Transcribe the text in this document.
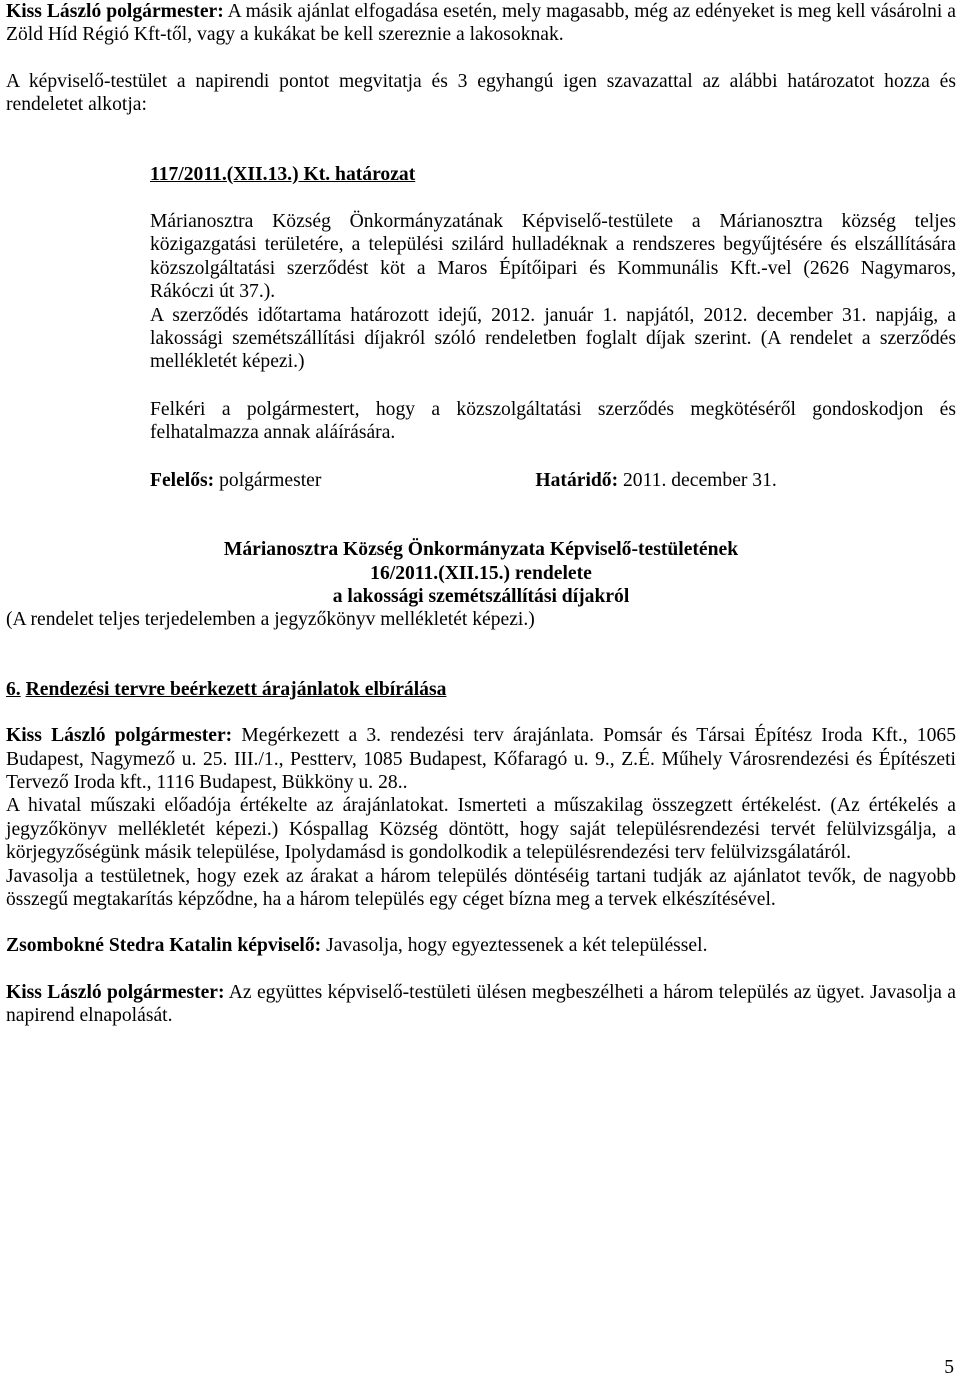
Kiss László polgármester: A másik ajánlat elfogadása esetén, mely magasabb, még az edényeket is meg kell vásárolni a Zöld Híd Régió Kft-től, vagy a kukákat be kell szereznie a lakosoknak.

A képviselő-testület a napirendi pontot megvitatja és 3 egyhangú igen szavazattal az alábbi határozatot hozza és rendeletet alkotja:

117/2011.(XII.13.) Kt. határozat

Márianosztra Község Önkormányzatának Képviselő-testülete a Márianosztra község teljes közigazgatási területére, a települési szilárd hulladéknak a rendszeres begyűjtésére és elszállítására közszolgáltatási szerződést köt a Maros Építőipari és Kommunális Kft.-vel (2626 Nagymaros, Rákóczi út 37.).

A szerződés időtartama határozott idejű, 2012. január 1. napjától, 2012. december 31. napjáig, a lakossági szemétszállítási díjakról szóló rendeletben foglalt díjak szerint. (A rendelet a szerződés mellékletét képezi.)

Felkéri a polgármestert, hogy a közszolgáltatási szerződés megkötéséről gondoskodjon és felhatalmazza annak aláírására.

Felelős: polgármester	Határidő: 2011. december 31.

Márianosztra Község Önkormányzata Képviselő-testületének

16/2011.(XII.15.) rendelete

a lakossági szemétszállítási díjakról

(A rendelet teljes terjedelemben a jegyzőkönyv mellékletét képezi.)

6. Rendezési tervre beérkezett árajánlatok elbírálása

Kiss László polgármester: Megérkezett a 3. rendezési terv árajánlata. Pomsár és Társai Építész Iroda Kft., 1065 Budapest, Nagymező u. 25. III./1., Pestterv, 1085 Budapest, Kőfaragó u. 9., Z.É. Műhely Városrendezési és Építészeti Tervező Iroda kft., 1116 Budapest, Bükköny u. 28..

A hivatal műszaki előadója értékelte az árajánlatokat. Ismerteti a műszakilag összegzett értékelést. (Az értékelés a jegyzőkönyv mellékletét képezi.) Kóspallag Község döntött, hogy saját településrendezési tervét felülvizsgálja, a körjegyzőségünk másik települése, Ipolydamásd is gondolkodik a településrendezési terv felülvizsgálatáról.

Javasolja a testületnek, hogy ezek az árakat a három település döntéséig tartani tudják az ajánlatot tevők, de nagyobb összegű megtakarítás képződne, ha a három település egy céget bízna meg a tervek elkészítésével.

Zsombokné Stedra Katalin képviselő: Javasolja, hogy egyeztessenek a két településsel.

Kiss László polgármester: Az együttes képviselő-testületi ülésen megbeszélheti a három település az ügyet. Javasolja a napirend elnapolását.

5
